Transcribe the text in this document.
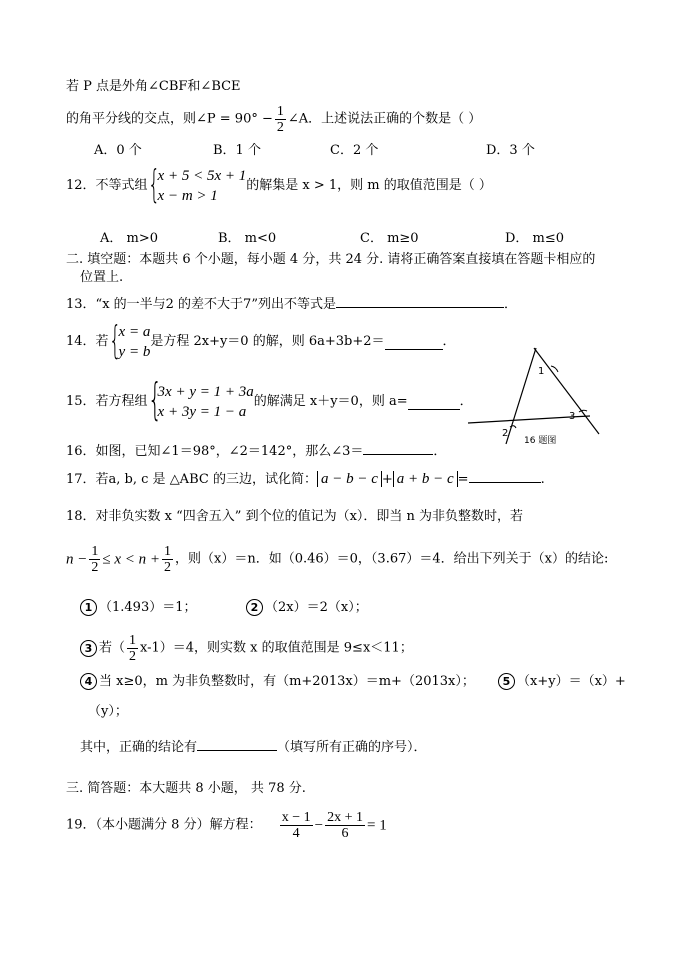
若 P 点是外角∠CBF和∠BCE
的角平分线的交点，则∠P = $90^\circ - \frac{1}{2}$ ∠A．上述说法正确的个数是（ ）
A．0 个	B．1 个	C．2 个	D．3 个
12．不等式组 {
x + 5 < 5x + 1
x − m > 1
的解集是 x > 1，则 m 的取值范围是（ ）
A． m>0	B． m<0	C． m≥0	D． m≤0
二. 填空题：本题共 6 个小题，每小题 4 分，共 24 分. 请将正确答案直接填在答题卡相应的
位置上.
13．“x 的一半与2 的差不大于7”列出不等式是	．
14．若 {
x = a
y = b
是方程 2x+y＝0 的解，则 6a+3b+2＝	．
15．若方程组 {
3x + y = 1 + 3a
x + 3y = 1 − a
的解满足 x＋y＝0，则 a=	．
1
2
3
16 题图
16．如图，已知∠1＝98°，∠2＝142°，那么∠3＝	．
17．若a, b, c 是 △ABC 的三边，试化简： a − b − c + a + b − c =	.
18．对非负实数 x “四舍五入” 到个位的值记为（x）．即当 n 为非负整数时，若
$n - \frac{1}{2} \le x < n + \frac{1}{2}$ ，则（x）＝n．如（0.46）＝0，（3.67）＝4．给出下列关于（x）的结论:
1 （1.493）＝1；	2 （2x）＝2（x）；
3 若（ $\frac{1}{2} x-1)=4$，则实数 x 的取值范围是 9≤x＜11；
4 当 x≥0，m 为非负整数时，有（m+2013x）＝m+（2013x）；	5 （x+y）＝（x）+
（y）；
其中，正确的结论有	（填写所有正确的序号）．
三. 简答题：本大题共 8 小题， 共 78 分.
19．（本小题满分 8 分）解方程： $\frac{x - 1}{4} - \frac{2x + 1}{6} = 1$
